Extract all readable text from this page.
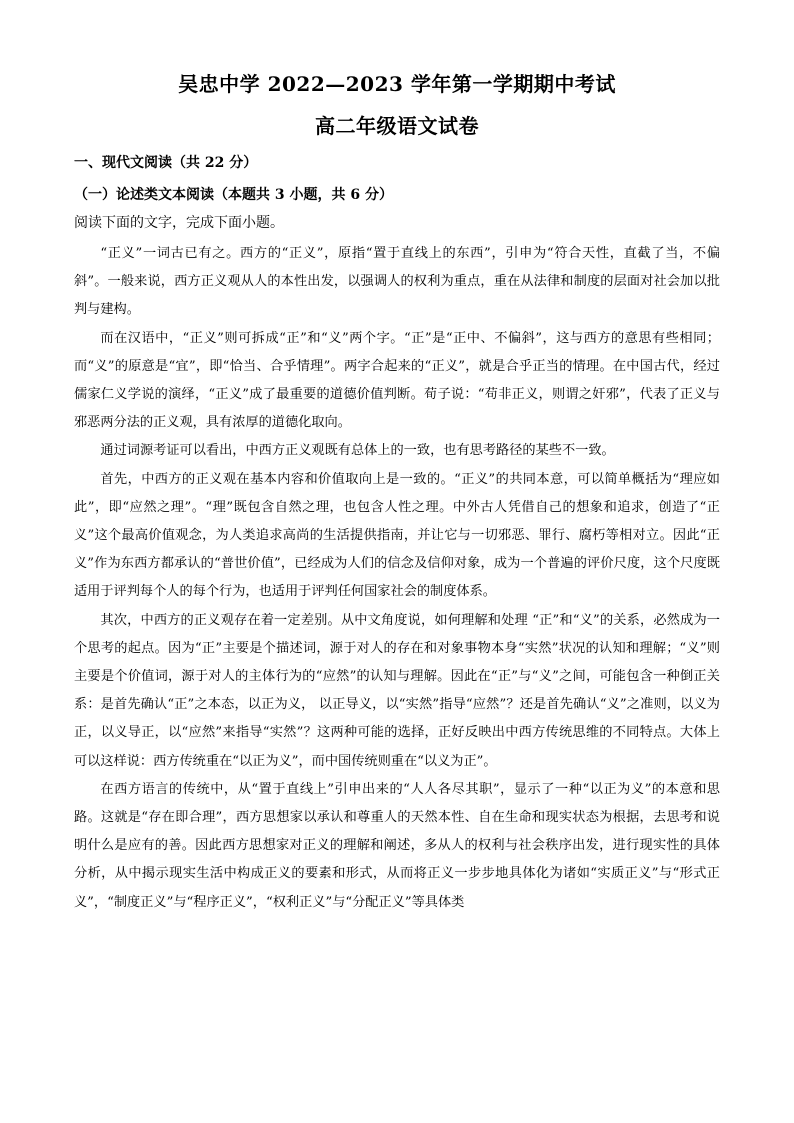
吴忠中学 2022—2023 学年第一学期期中考试
高二年级语文试卷
一、现代文阅读（共 22 分）
（一）论述类文本阅读（本题共 3 小题，共 6 分）
阅读下面的文字，完成下面小题。

“正义”一词古已有之。西方的“正义”，原指“置于直线上的东西”，引申为“符合天性，直截了当，不偏斜”。一般来说，西方正义观从人的本性出发，以强调人的权利为重点，重在从法律和制度的层面对社会加以批判与建构。

而在汉语中，“正义”则可拆成“正”和“义”两个字。“正”是“正中、不偏斜”，这与西方的意思有些相同；而“义”的原意是“宜”，即“恰当、合乎情理”。两字合起来的“正义”，就是合乎正当的情理。在中国古代，经过儒家仁义学说的演绎，“正义”成了最重要的道德价值判断。荀子说：“苟非正义，则谓之奸邪”，代表了正义与邪恶两分法的正义观，具有浓厚的道德化取向。

通过词源考证可以看出，中西方正义观既有总体上的一致，也有思考路径的某些不一致。

首先，中西方的正义观在基本内容和价值取向上是一致的。“正义”的共同本意，可以简单概括为“理应如此”，即“应然之理”。“理”既包含自然之理，也包含人性之理。中外古人凭借自己的想象和追求，创造了“正义”这个最高价值观念，为人类追求高尚的生活提供指南，并让它与一切邪恶、罪行、腐朽等相对立。因此“正义”作为东西方都承认的“普世价值”，已经成为人们的信念及信仰对象，成为一个普遍的评价尺度，这个尺度既适用于评判每个人的每个行为，也适用于评判任何国家社会的制度体系。

其次，中西方的正义观存在着一定差别。从中文角度说，如何理解和处理 “正”和“义”的关系，必然成为一个思考的起点。因为“正”主要是个描述词，源于对人的存在和对象事物本身“实然”状况的认知和理解；“义”则主要是个价值词，源于对人的主体行为的“应然”的认知与理解。因此在“正”与“义”之间，可能包含一种倒正关系：是首先确认“正”之本态，以正为义， 以正导义，以“实然”指导“应然”？还是首先确认“义”之准则，以义为正，以义导正，以“应然”来指导“实然”？这两种可能的选择，正好反映出中西方传统思维的不同特点。大体上可以这样说：西方传统重在“以正为义”，而中国传统则重在“以义为正”。

在西方语言的传统中，从“置于直线上”引申出来的“人人各尽其职”，显示了一种“以正为义”的本意和思路。这就是“存在即合理”，西方思想家以承认和尊重人的天然本性、自在生命和现实状态为根据，去思考和说明什么是应有的善。因此西方思想家对正义的理解和阐述，多从人的权利与社会秩序出发，进行现实性的具体分析，从中揭示现实生活中构成正义的要素和形式，从而将正义一步步地具体化为诸如“实质正义”与“形式正义”，“制度正义”与“程序正义”，“权利正义”与“分配正义”等具体类
